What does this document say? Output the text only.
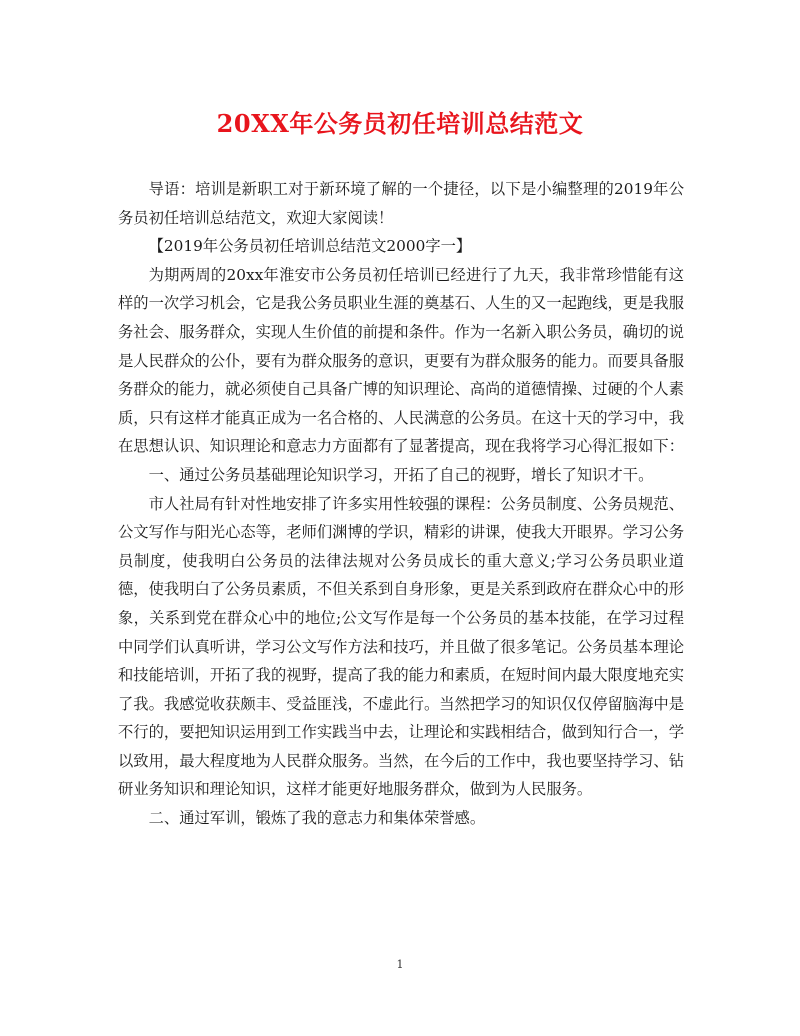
20XX年公务员初任培训总结范文

导语：培训是新职工对于新环境了解的一个捷径，以下是小编整理的2019年公务员初任培训总结范文，欢迎大家阅读！

【2019年公务员初任培训总结范文2000字一】

为期两周的20xx年淮安市公务员初任培训已经进行了九天，我非常珍惜能有这样的一次学习机会，它是我公务员职业生涯的奠基石、人生的又一起跑线，更是我服务社会、服务群众，实现人生价值的前提和条件。作为一名新入职公务员，确切的说是人民群众的公仆，要有为群众服务的意识，更要有为群众服务的能力。而要具备服务群众的能力，就必须使自己具备广博的知识理论、高尚的道德情操、过硬的个人素质，只有这样才能真正成为一名合格的、人民满意的公务员。在这十天的学习中，我在思想认识、知识理论和意志力方面都有了显著提高，现在我将学习心得汇报如下：

一、通过公务员基础理论知识学习，开拓了自己的视野，增长了知识才干。

市人社局有针对性地安排了许多实用性较强的课程：公务员制度、公务员规范、公文写作与阳光心态等，老师们渊博的学识，精彩的讲课，使我大开眼界。学习公务员制度，使我明白公务员的法律法规对公务员成长的重大意义;学习公务员职业道德，使我明白了公务员素质，不但关系到自身形象，更是关系到政府在群众心中的形象，关系到党在群众心中的地位;公文写作是每一个公务员的基本技能，在学习过程中同学们认真听讲，学习公文写作方法和技巧，并且做了很多笔记。公务员基本理论和技能培训，开拓了我的视野，提高了我的能力和素质，在短时间内最大限度地充实了我。我感觉收获颇丰、受益匪浅，不虚此行。当然把学习的知识仅仅停留脑海中是不行的，要把知识运用到工作实践当中去，让理论和实践相结合，做到知行合一，学以致用，最大程度地为人民群众服务。当然，在今后的工作中，我也要坚持学习、钻研业务知识和理论知识，这样才能更好地服务群众，做到为人民服务。

二、通过军训，锻炼了我的意志力和集体荣誉感。

1
